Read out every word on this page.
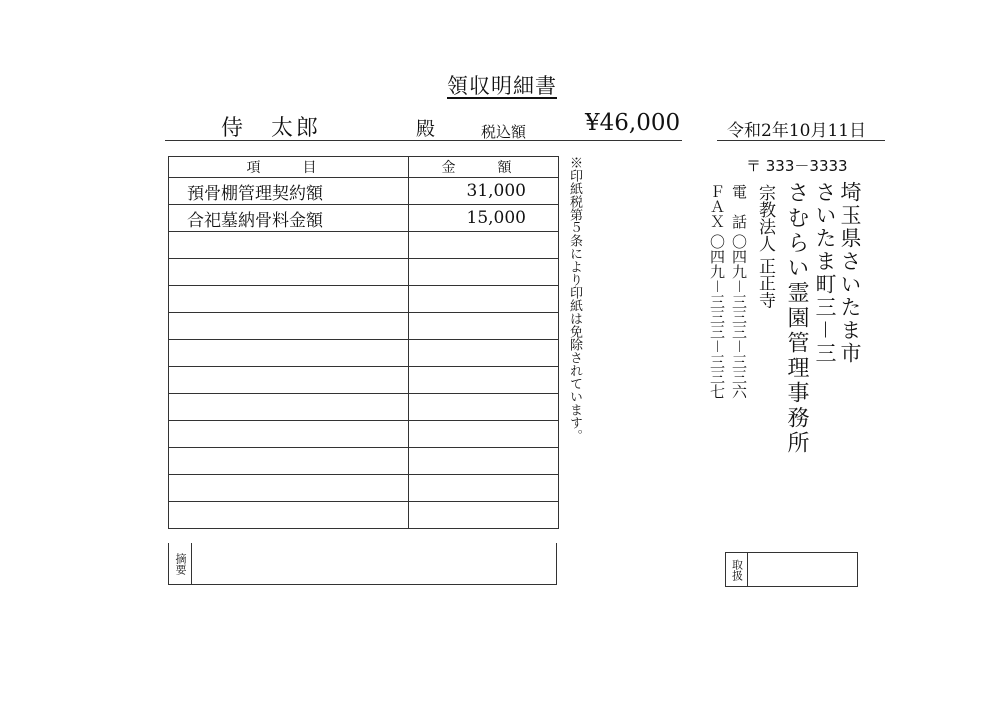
領収明細書
侍　太郎	殿	税込額	¥46,000	令和2年10月11日
項　目	金　額
預骨棚管理契約額	31,000
合祀墓納骨料金額	15,000

摘要
※印紙税第５条により印紙は免除されています。	〒 333－3333
埼玉県さいたま市
さいたま町三－三
さむらい霊園管理事務所
宗教法人 正正寺
電　話 〇四九－三三三－三三六
ＦＡＸ 〇四九－三三三－三三七
取扱
